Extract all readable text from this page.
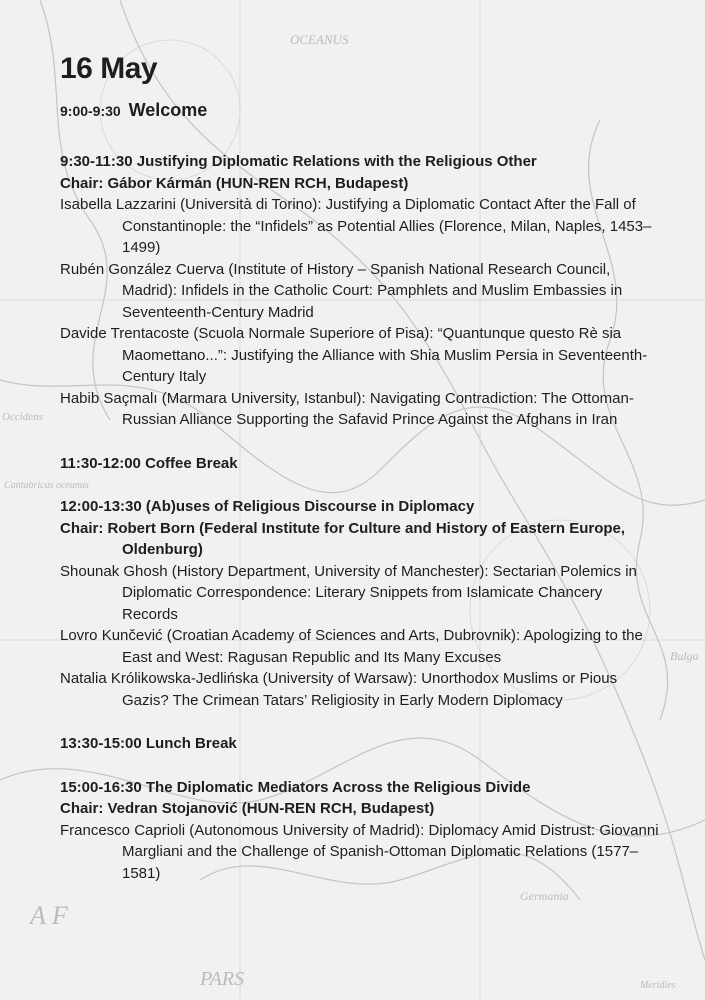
OCEANUS
Occidens
Germania
Bulga
Cantabricus oceanus
A F
PARS	Meridies
16 May
9:00-9:30 Welcome
9:30-11:30 Justifying Diplomatic Relations with the Religious Other
Chair: Gábor Kármán (HUN-REN RCH, Budapest)
Isabella Lazzarini (Università di Torino): Justifying a Diplomatic Contact After the Fall of Constantinople: the “Infidels” as Potential Allies (Florence, Milan, Naples, 1453–1499)
Rubén González Cuerva (Institute of History – Spanish National Research Council, Madrid): Infidels in the Catholic Court: Pamphlets and Muslim Embassies in Seventeenth-Century Madrid
Davide Trentacoste (Scuola Normale Superiore of Pisa): “Quantunque questo Rè sia Maomettano...”: Justifying the Alliance with Shia Muslim Persia in Seventeenth-Century Italy
Habib Saçmalı (Marmara University, Istanbul): Navigating Contradiction: The Ottoman-Russian Alliance Supporting the Safavid Prince Against the Afghans in Iran
11:30-12:00 Coffee Break
12:00-13:30 (Ab)uses of Religious Discourse in Diplomacy
Chair: Robert Born (Federal Institute for Culture and History of Eastern Europe, Oldenburg)
Shounak Ghosh (History Department, University of Manchester): Sectarian Polemics in Diplomatic Correspondence: Literary Snippets from Islamicate Chancery Records
Lovro Kunčević (Croatian Academy of Sciences and Arts, Dubrovnik): Apologizing to the East and West: Ragusan Republic and Its Many Excuses
Natalia Królikowska-Jedlińska (University of Warsaw): Unorthodox Muslims or Pious Gazis? The Crimean Tatars’ Religiosity in Early Modern Diplomacy
13:30-15:00 Lunch Break
15:00-16:30 The Diplomatic Mediators Across the Religious Divide
Chair: Vedran Stojanović (HUN-REN RCH, Budapest)
Francesco Caprioli (Autonomous University of Madrid): Diplomacy Amid Distrust: Giovanni Margliani and the Challenge of Spanish-Ottoman Diplomatic Relations (1577–1581)
